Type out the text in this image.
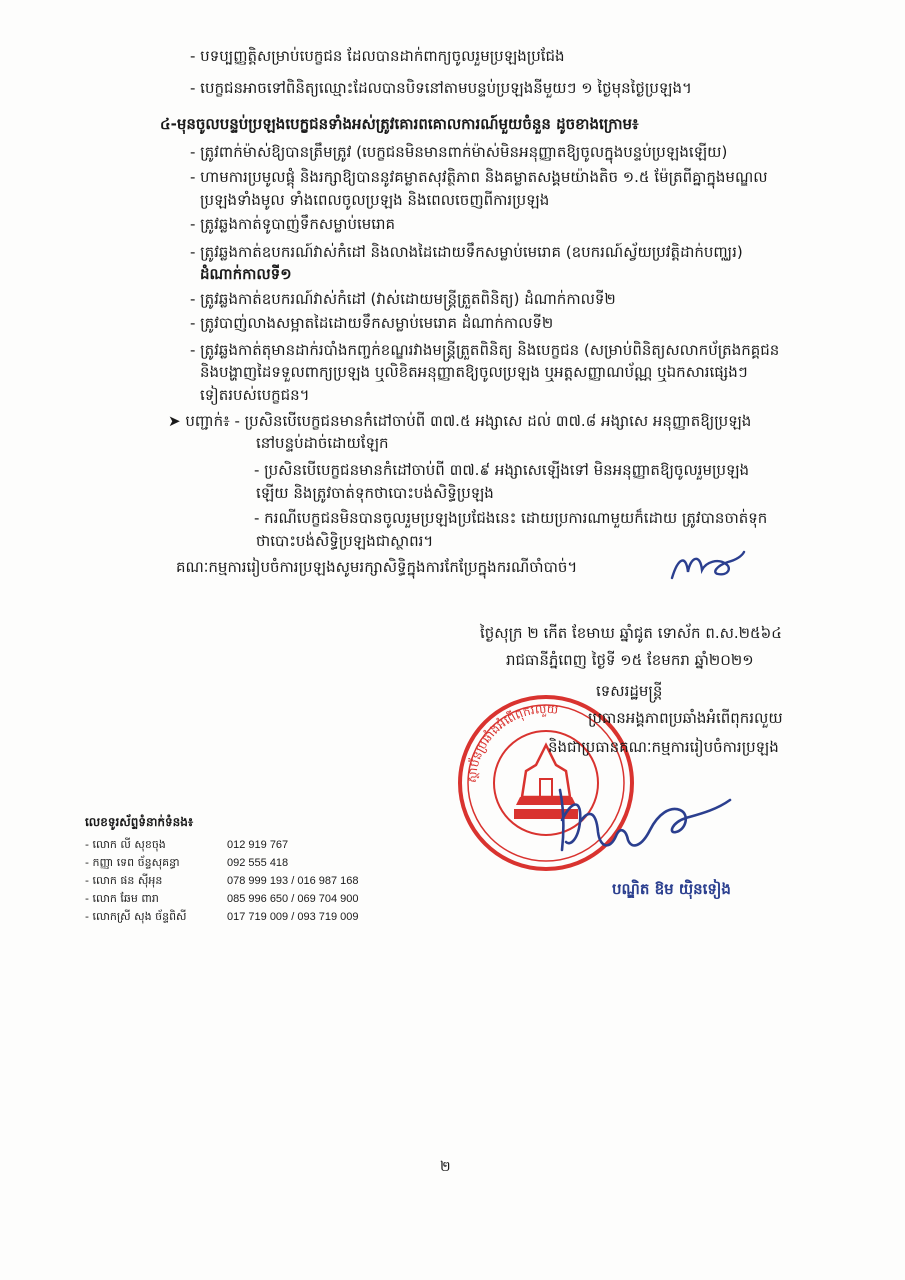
- បទប្បញ្ញត្តិសម្រាប់បេក្ខជន ដែលបានដាក់ពាក្យចូលរួមប្រឡងប្រជែង
- បេក្ខជនអាចទៅពិនិត្យឈ្មោះដែលបានបិទនៅតាមបន្ទប់ប្រឡងនីមួយៗ ១ ថ្ងៃមុនថ្ងៃប្រឡង។
៤-មុនចូលបន្ទប់ប្រឡងបេក្ខជនទាំងអស់ត្រូវគោរពគោលការណ៍មួយចំនួន ដូចខាងក្រោម៖
- ត្រូវពាក់ម៉ាស់ឱ្យបានត្រឹមត្រូវ (បេក្ខជនមិនមានពាក់ម៉ាស់មិនអនុញ្ញាតឱ្យចូលក្នុងបន្ទប់ប្រឡងឡើយ)
- ហាមការប្រមូលផ្តុំ និងរក្សាឱ្យបាននូវគម្លាតសុវត្ថិភាព និងគម្លាតសង្គមយ៉ាងតិច ១.៥ ម៉ែត្រពីគ្នាក្នុងមណ្ឌល
ប្រឡងទាំងមូល ទាំងពេលចូលប្រឡង និងពេលចេញពីការប្រឡង
- ត្រូវឆ្លងកាត់ទូបាញ់ទឹកសម្លាប់មេរោគ
- ត្រូវឆ្លងកាត់ឧបករណ៍វាស់កំដៅ និងលាងដៃដោយទឹកសម្លាប់មេរោគ (ឧបករណ៍ស្វ័យប្រវត្តិដាក់បញ្ឈរ)
ដំណាក់កាលទី១
- ត្រូវឆ្លងកាត់ឧបករណ៍វាស់កំដៅ (វាស់ដោយមន្ត្រីត្រួតពិនិត្យ) ដំណាក់កាលទី២
- ត្រូវបាញ់លាងសម្អាតដៃដោយទឹកសម្លាប់មេរោគ ដំណាក់កាលទី២
- ត្រូវឆ្លងកាត់តុមានដាក់របាំងកញ្ចក់ខណ្ឌរវាងមន្ត្រីត្រួតពិនិត្យ និងបេក្ខជន (សម្រាប់ពិនិត្យសលាកប័ត្រងកគ្គជន
និងបង្ហាញដៃទទួលពាក្យប្រឡង ឬលិខិតអនុញ្ញាតឱ្យចូលប្រឡង ឬអត្តសញ្ញាណប័ណ្ណ ឬឯកសារផ្សេងៗ
ទៀតរបស់បេក្ខជន។
➤ បញ្ជាក់៖ - ប្រសិនបើបេក្ខជនមានកំដៅចាប់ពី ៣៧.៥ អង្សាសេ ដល់ ៣៧.៨ អង្សាសេ អនុញ្ញាតឱ្យប្រឡង
នៅបន្ទប់ដាច់ដោយឡែក
- ប្រសិនបើបេក្ខជនមានកំដៅចាប់ពី ៣៧.៩ អង្សាសេឡើងទៅ មិនអនុញ្ញាតឱ្យចូលរួមប្រឡង
ឡើយ និងត្រូវចាត់ទុកថាបោះបង់សិទ្ធិប្រឡង
- ករណីបេក្ខជនមិនបានចូលរួមប្រឡងប្រជែងនេះ ដោយប្រការណាមួយក៏ដោយ ត្រូវបានចាត់ទុក
ថាបោះបង់សិទ្ធិប្រឡងជាស្ថាពរ។
គណៈកម្មការរៀបចំការប្រឡងសូមរក្សាសិទ្ធិក្នុងការកែប្រែក្នុងករណីចាំបាច់។
ថ្ងៃសុក្រ ២ កើត ខែមាឃ ឆ្នាំជូត ទោស័ក ព.ស.២៥៦៤
រាជធានីភ្នំពេញ ថ្ងៃទី ១៥ ខែមករា ឆ្នាំ២០២១
ស្ថាប័នប្រឆាំងអំពើពុករលួយ
ទេសរដ្ឋមន្ត្រី
ប្រធានអង្គភាពប្រឆាំងអំពើពុករលួយ
និងជាប្រធានគណៈកម្មការរៀបចំការប្រឡង
បណ្ឌិត ឱម យ៉ិនទៀង
លេខទូរស័ព្ទទំនាក់ទំនង៖
- លោក លី សុខចុង	012 919 767
- កញ្ញា ទេព ច័ន្ទសុគន្ធា	092 555 418
- លោក ផន ស៊ីអុន	078 999 193 / 016 987 168
- លោក ឆែម ពារា	085 996 650 / 069 704 900
- លោកស្រី សុង ច័ន្ទពិសី	017 719 009 / 093 719 009
២
